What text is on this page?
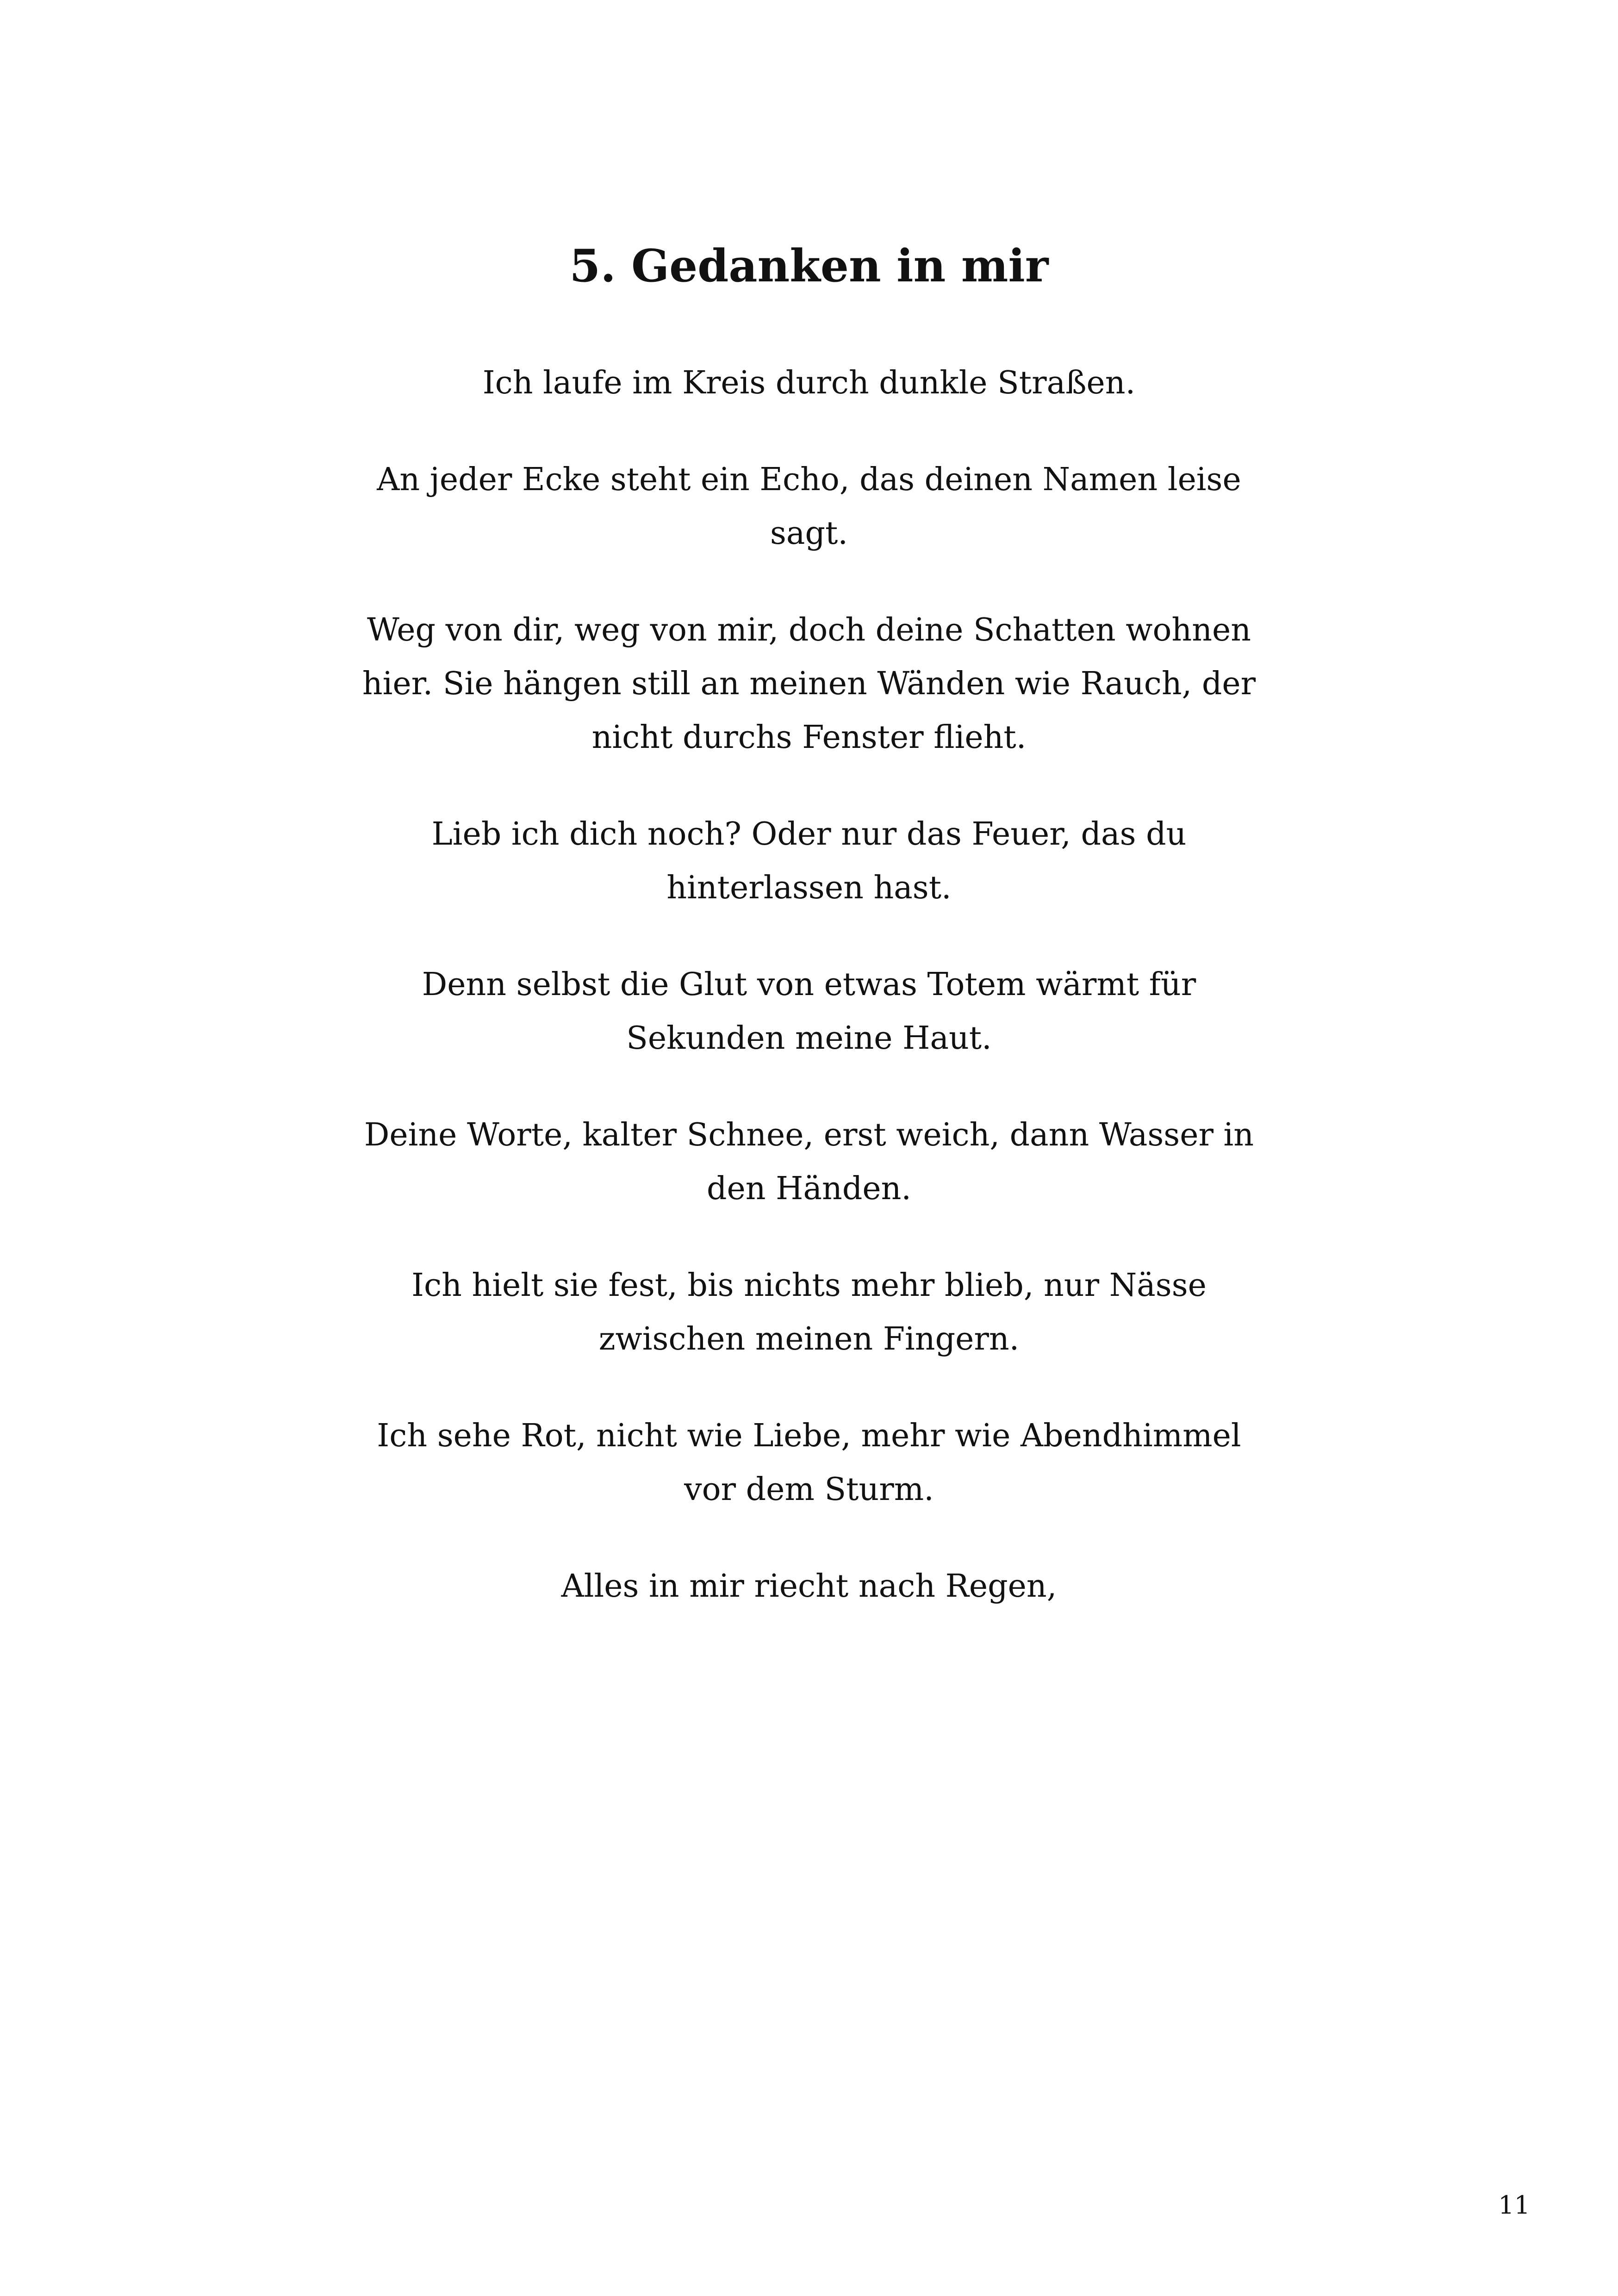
5. Gedanken in mir

Ich laufe im Kreis durch dunkle Straßen.

An jeder Ecke steht ein Echo, das deinen Namen leise sagt.

Weg von dir, weg von mir, doch deine Schatten wohnen hier. Sie hängen still an meinen Wänden wie Rauch, der nicht durchs Fenster flieht.

Lieb ich dich noch? Oder nur das Feuer, das du hinterlassen hast.

Denn selbst die Glut von etwas Totem wärmt für Sekunden meine Haut.

Deine Worte, kalter Schnee, erst weich, dann Wasser in den Händen.

Ich hielt sie fest, bis nichts mehr blieb, nur Nässe zwischen meinen Fingern.

Ich sehe Rot, nicht wie Liebe, mehr wie Abendhimmel vor dem Sturm.

Alles in mir riecht nach Regen,

11
